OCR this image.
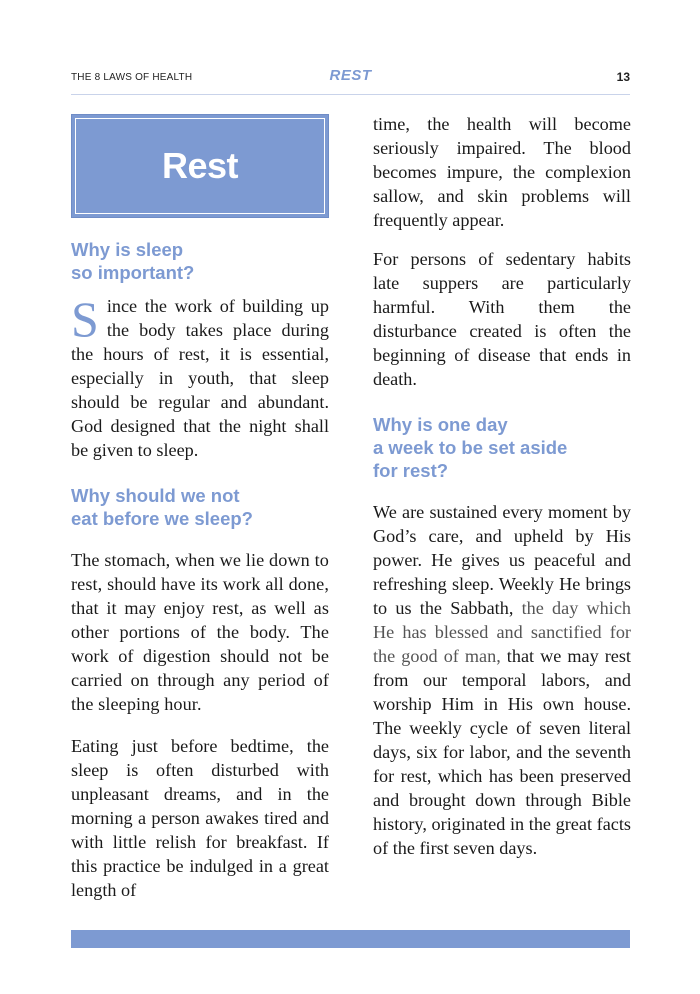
THE 8 LAWS OF HEALTH	REST	13
Rest
Why is sleep
so important?

Since the work of building up the body takes place during the hours of rest, it is essential, especially in youth, that sleep should be regular and abundant. God designed that the night shall be given to sleep.

Why should we not
eat before we sleep?

The stomach, when we lie down to rest, should have its work all done, that it may enjoy rest, as well as other portions of the body. The work of digestion should not be carried on through any period of the sleeping hour.

Eating just before bedtime, the sleep is often disturbed with unpleasant dreams, and in the morning a person awakes tired and with little relish for breakfast. If this practice be indulged in a great length of

time, the health will become seriously impaired. The blood becomes impure, the complexion sallow, and skin problems will frequently appear.

For persons of sedentary habits late suppers are particularly harmful. With them the disturbance created is often the beginning of disease that ends in death.

Why is one day
a week to be set aside
for rest?

We are sustained every moment by God’s care, and upheld by His power. He gives us peaceful and refreshing sleep. Weekly He brings to us the Sabbath, the day which He has blessed and sanctified for the good of man, that we may rest from our temporal labors, and worship Him in His own house. The weekly cycle of seven literal days, six for labor, and the seventh for rest, which has been preserved and brought down through Bible history, originated in the great facts of the first seven days.
